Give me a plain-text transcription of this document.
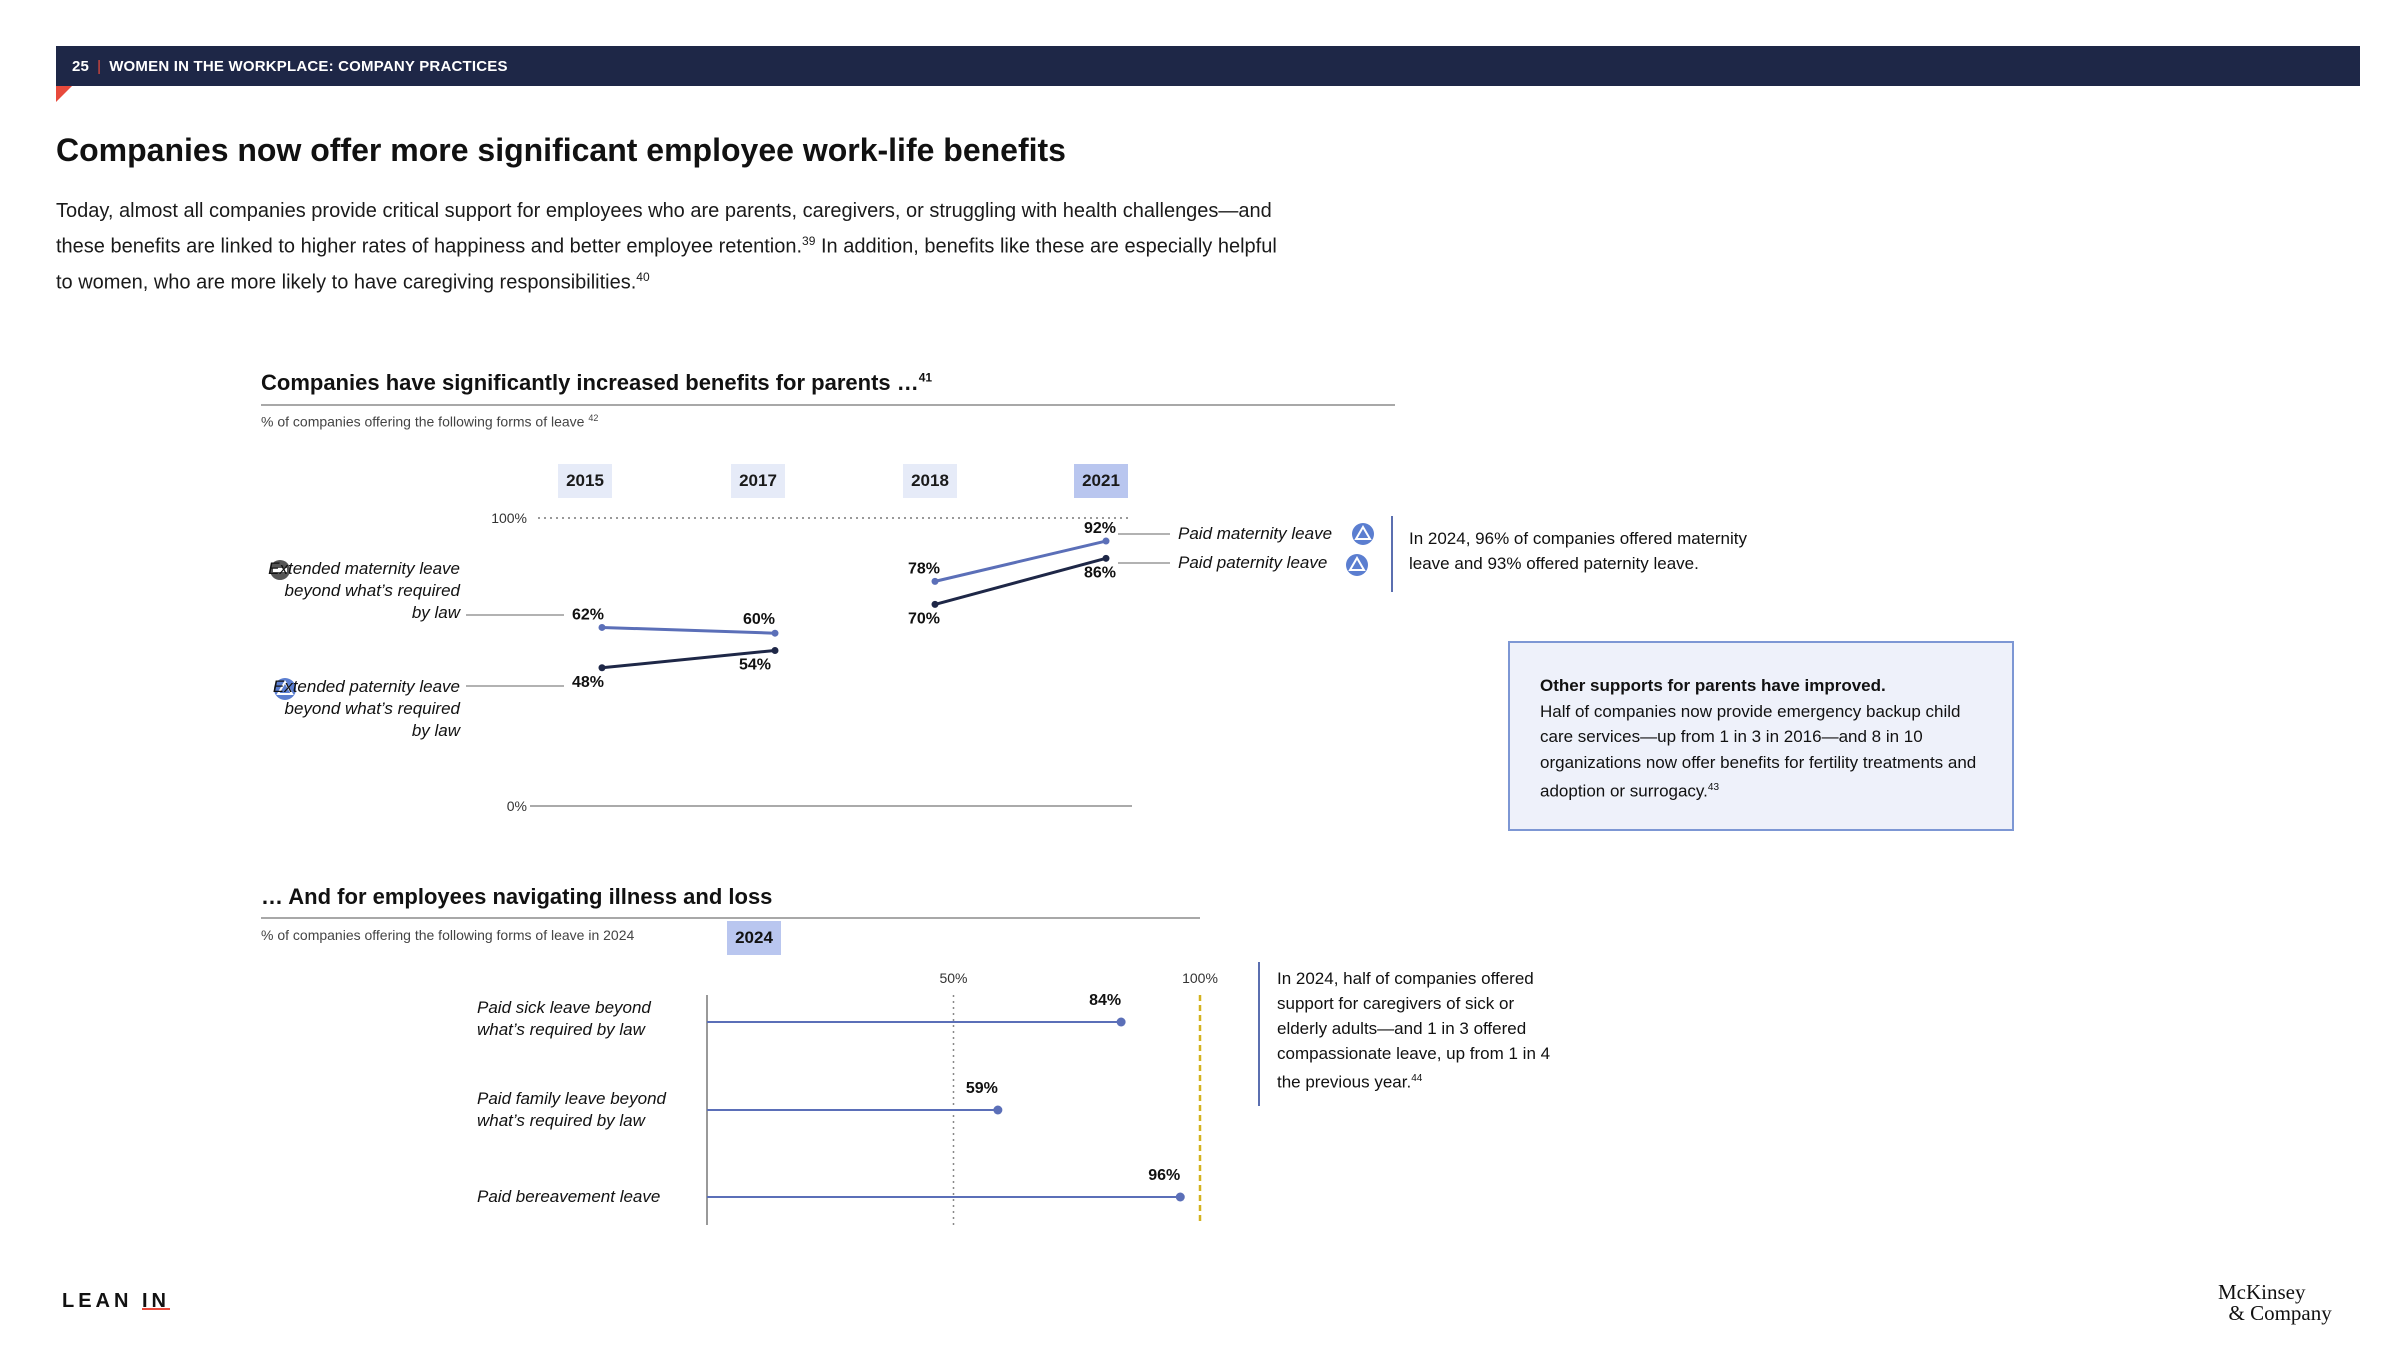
25 | WOMEN IN THE WORKPLACE: COMPANY PRACTICES
Companies now offer more significant employee work-life benefits
Today, almost all companies provide critical support for employees who are parents, caregivers, or struggling with health challenges—and these benefits are linked to higher rates of happiness and better employee retention.$^{39}$ In addition, benefits like these are especially helpful to women, who are more likely to have caregiving responsibilities.$^{40}$
Companies have significantly increased benefits for parents …$^{41}$
% of companies offering the following forms of leave $^{42}$
2015	2017	2018	2021
100%
0%
62%	60%
48%
54%
78%
92%
70%
86%
Extended maternity leave beyond what’s required by law
Extended paternity leave beyond what’s required by law
Paid maternity leave
Paid paternity leave
In 2024, 96% of companies offered maternity leave and 93% offered paternity leave.
Other supports for parents have improved.
Half of companies now provide emergency backup child care services—up from 1 in 3 in 2016—and 8 in 10 organizations now offer benefits for fertility treatments and adoption or surrogacy.$^{43}$
… And for employees navigating illness and loss
% of companies offering the following forms of leave in 2024	2024
Paid sick leave beyond what’s required by law
Paid family leave beyond what’s required by law
Paid bereavement leave
50%	100%
84%
59%
96%
In 2024, half of companies offered support for caregivers of sick or elderly adults—and 1 in 3 offered compassionate leave, up from 1 in 4 the previous year.$^{44}$
LEAN IN	McKinsey
& Company
